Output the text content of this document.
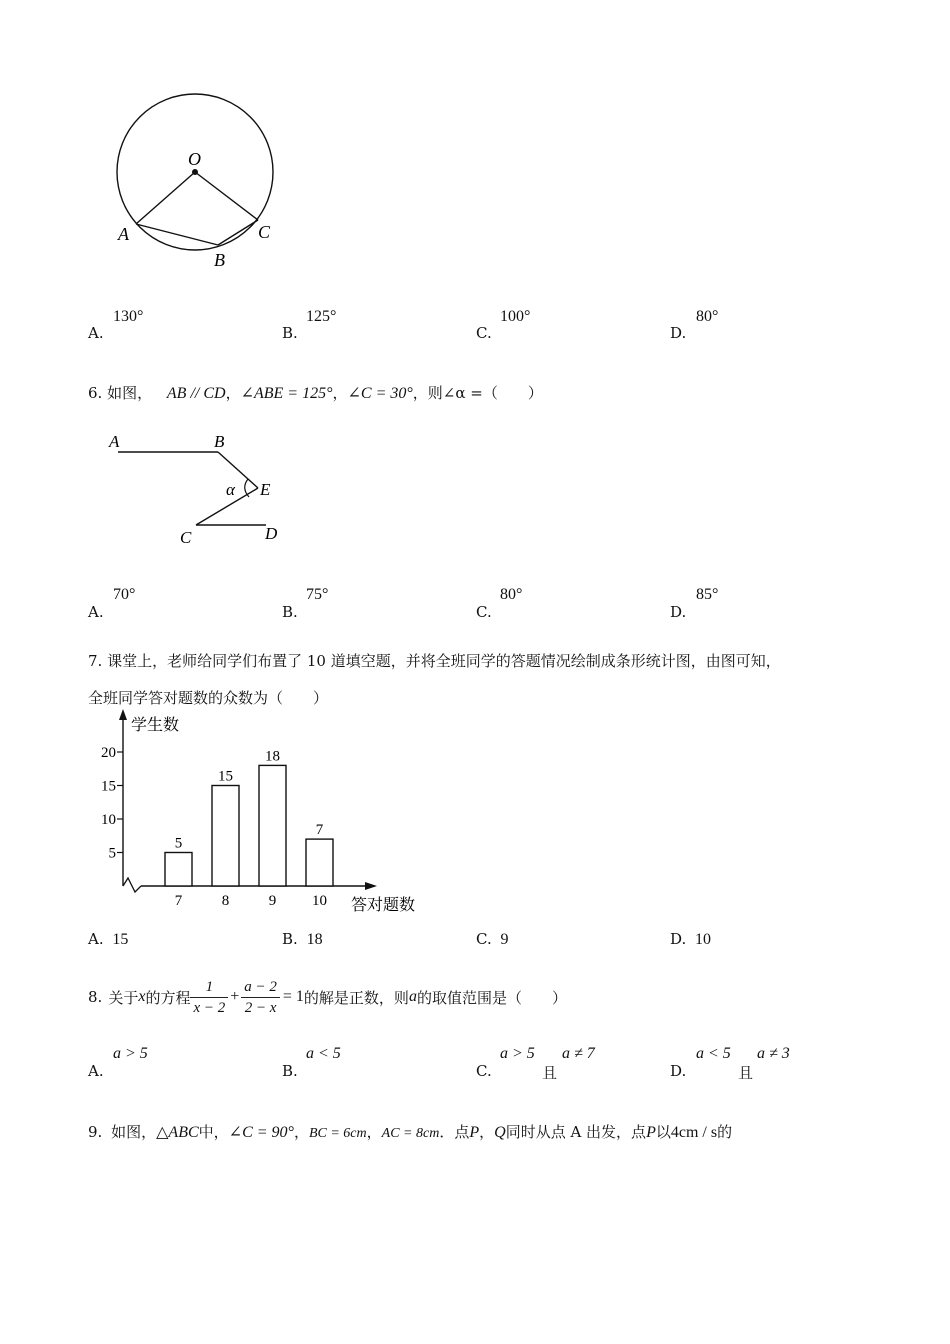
O
A
B
C
A.
130°
B.
125°
C.
100°
D.
80°
6. 如图， AB // CD，∠ABE = 125°，∠C = 30°，则∠α =（　　）
A	B
α E
C	D
A.
70°
B.
75°
C.
80°
D.
85°
7. 课堂上，老师给同学们布置了 10 道填空题，并将全班同学的答题情况绘制成条形统计图，由图可知，
全班同学答对题数的众数为（　　）
学生数
答对题数
5
10
15
20
5
7
15
8
18
9
7
10
A. 15	B. 18	C. 9	D. 10
8. 关于 x 的方程 $\frac{1}{x - 2} + \frac{a - 2}{2 - x} = 1$ 的解是正数，则 a 的取值范围是（　　）
A.
a > 5
B.
a < 5
C.
a > 5
且
a ≠ 7
D.
a < 5
且
a ≠ 3
9. 如图，△ABC中，∠C = 90°，BC = 6cm，AC = 8cm．点P，Q同时从点 A 出发，点P以4cm / s的
